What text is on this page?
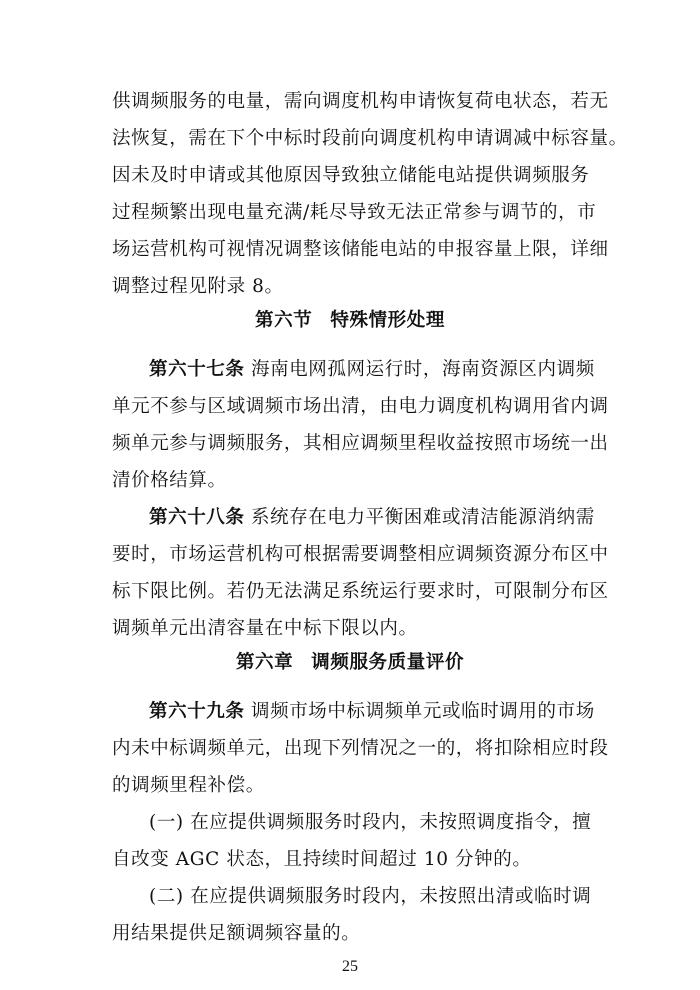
供调频服务的电量，需向调度机构申请恢复荷电状态，若无
法恢复，需在下个中标时段前向调度机构申请调减中标容量。
因未及时申请或其他原因导致独立储能电站提供调频服务
过程频繁出现电量充满/耗尽导致无法正常参与调节的，市
场运营机构可视情况调整该储能电站的申报容量上限，详细
调整过程见附录 8。
第六节 特殊情形处理
第六十七条 海南电网孤网运行时，海南资源区内调频
单元不参与区域调频市场出清，由电力调度机构调用省内调
频单元参与调频服务，其相应调频里程收益按照市场统一出
清价格结算。
第六十八条 系统存在电力平衡困难或清洁能源消纳需
要时，市场运营机构可根据需要调整相应调频资源分布区中
标下限比例。若仍无法满足系统运行要求时，可限制分布区
调频单元出清容量在中标下限以内。
第六章 调频服务质量评价
第六十九条 调频市场中标调频单元或临时调用的市场
内未中标调频单元，出现下列情况之一的，将扣除相应时段
的调频里程补偿。
(一) 在应提供调频服务时段内，未按照调度指令，擅
自改变 AGC 状态，且持续时间超过 10 分钟的。
(二) 在应提供调频服务时段内，未按照出清或临时调
用结果提供足额调频容量的。
25
